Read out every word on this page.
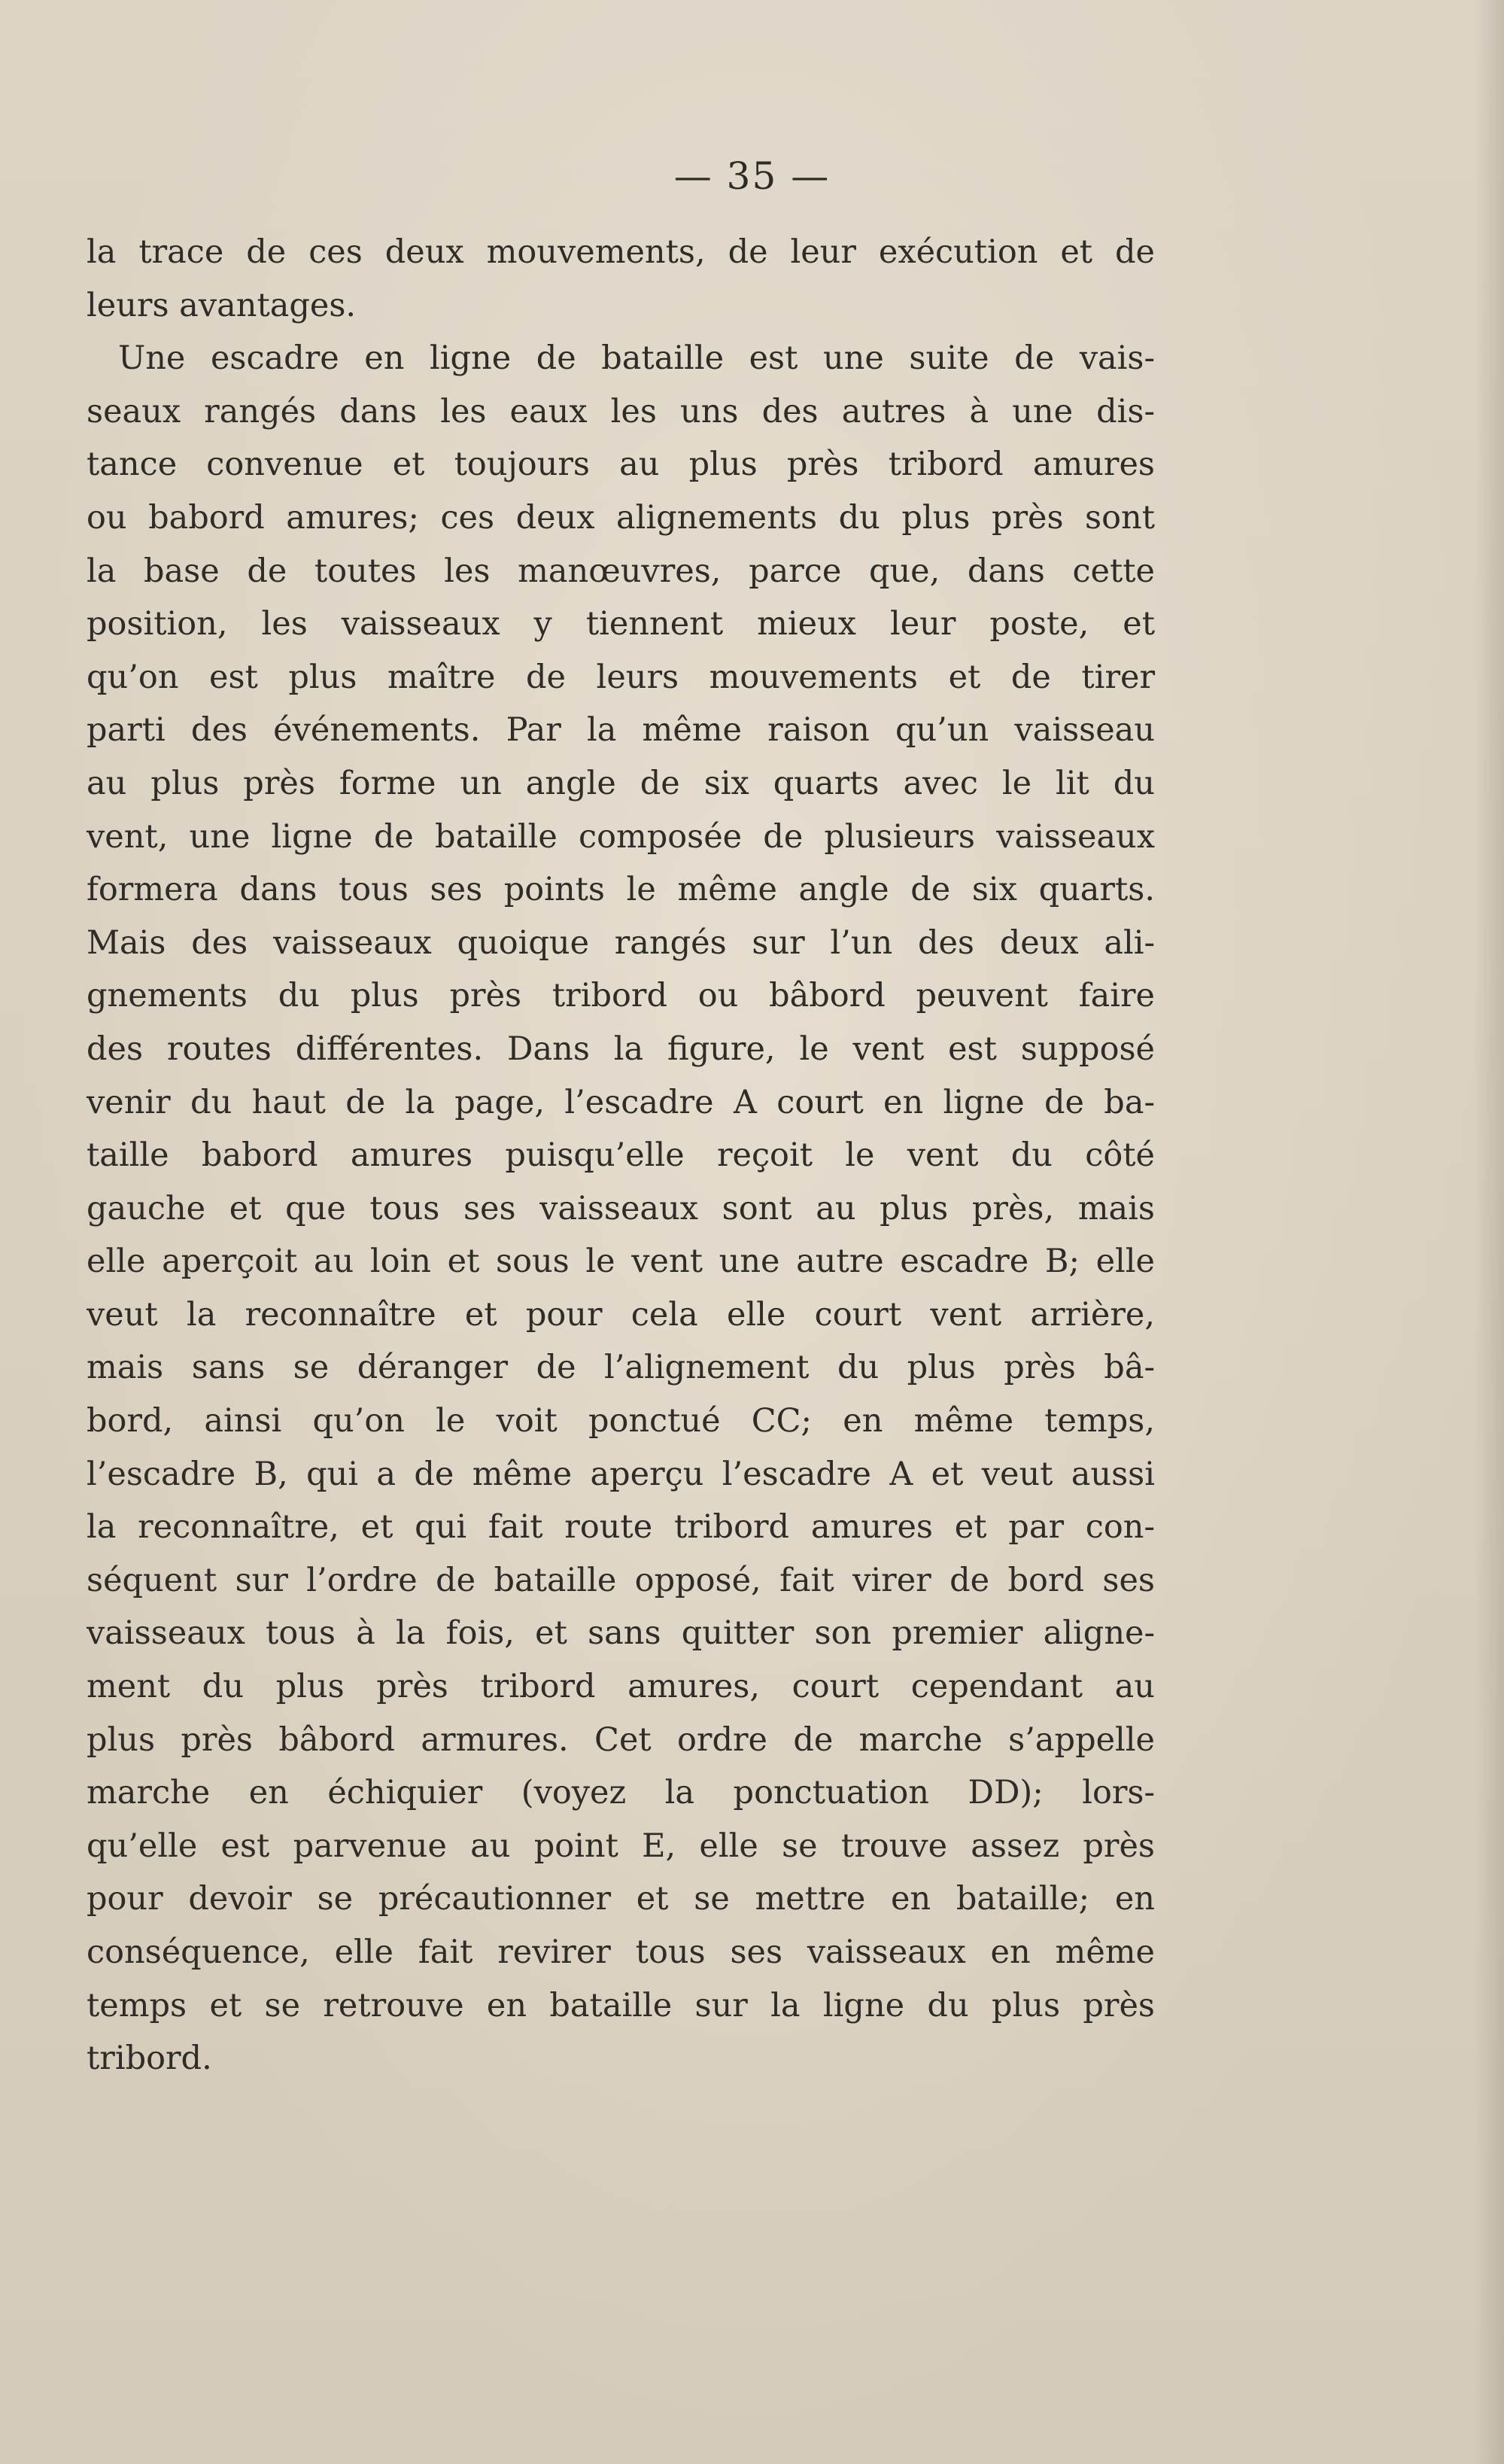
— 35 —
la trace de ces deux mouvements, de leur exécution et de
leurs avantages.
Une escadre en ligne de bataille est une suite de vais-
seaux rangés dans les eaux les uns des autres à une dis-
tance convenue et toujours au plus près tribord amures
ou babord amures; ces deux alignements du plus près sont
la base de toutes les manœuvres, parce que, dans cette
position, les vaisseaux y tiennent mieux leur poste, et
qu’on est plus maître de leurs mouvements et de tirer
parti des événements. Par la même raison qu’un vaisseau
au plus près forme un angle de six quarts avec le lit du
vent, une ligne de bataille composée de plusieurs vaisseaux
formera dans tous ses points le même angle de six quarts.
Mais des vaisseaux quoique rangés sur l’un des deux ali-
gnements du plus près tribord ou bâbord peuvent faire
des routes différentes. Dans la figure, le vent est supposé
venir du haut de la page, l’escadre A court en ligne de ba-
taille babord amures puisqu’elle reçoit le vent du côté
gauche et que tous ses vaisseaux sont au plus près, mais
elle aperçoit au loin et sous le vent une autre escadre B; elle
veut la reconnaître et pour cela elle court vent arrière,
mais sans se déranger de l’alignement du plus près bâ-
bord, ainsi qu’on le voit ponctué CC; en même temps,
l’escadre B, qui a de même aperçu l’escadre A et veut aussi
la reconnaître, et qui fait route tribord amures et par con-
séquent sur l’ordre de bataille opposé, fait virer de bord ses
vaisseaux tous à la fois, et sans quitter son premier aligne-
ment du plus près tribord amures, court cependant au
plus près bâbord armures. Cet ordre de marche s’appelle
marche en échiquier (voyez la ponctuation DD); lors-
qu’elle est parvenue au point E, elle se trouve assez près
pour devoir se précautionner et se mettre en bataille; en
conséquence, elle fait revirer tous ses vaisseaux en même
temps et se retrouve en bataille sur la ligne du plus près
tribord.
